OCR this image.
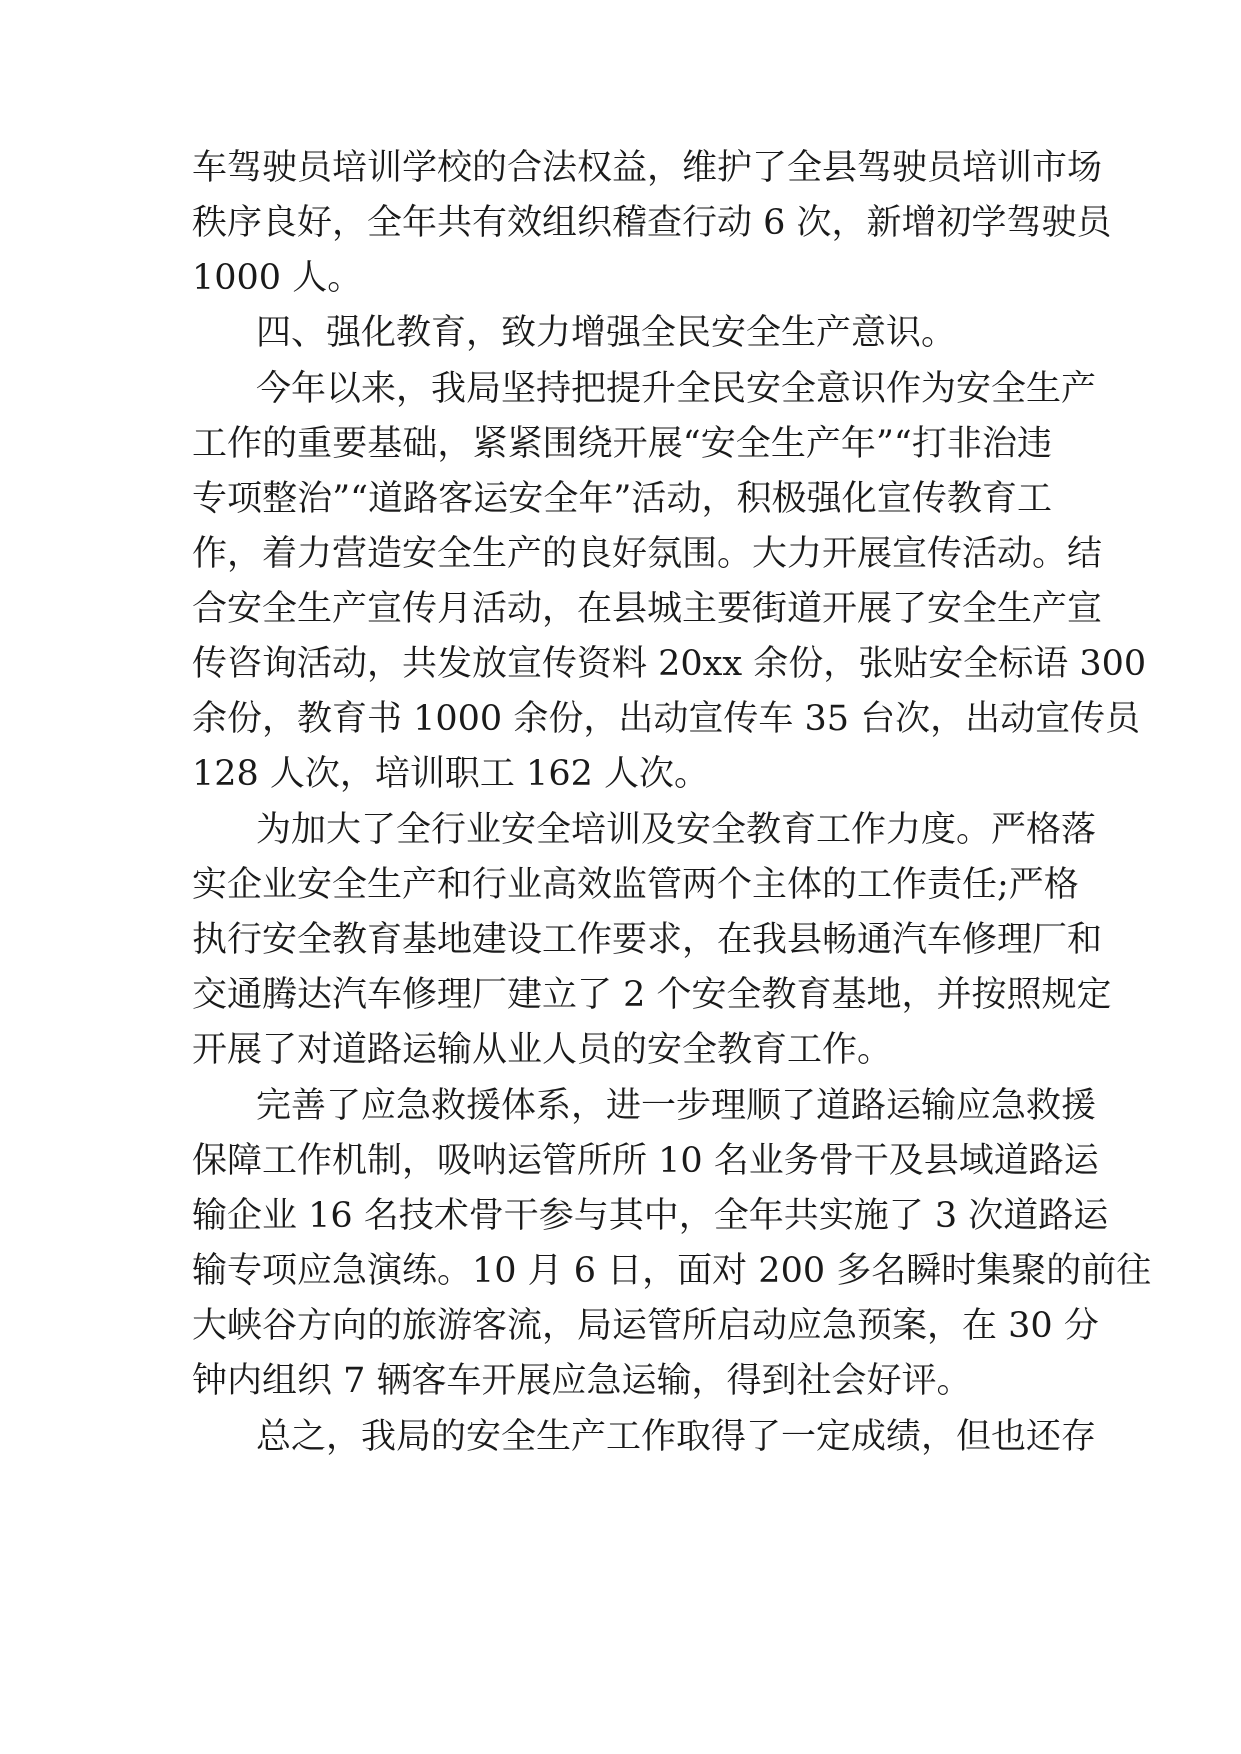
车驾驶员培训学校的合法权益，维护了全县驾驶员培训市场
秩序良好，全年共有效组织稽查行动 6 次，新增初学驾驶员
1000 人。
四、强化教育，致力增强全民安全生产意识。
今年以来，我局坚持把提升全民安全意识作为安全生产
工作的重要基础，紧紧围绕开展“安全生产年”“打非治违
专项整治”“道路客运安全年”活动，积极强化宣传教育工
作，着力营造安全生产的良好氛围。大力开展宣传活动。结
合安全生产宣传月活动，在县城主要街道开展了安全生产宣
传咨询活动，共发放宣传资料 20xx 余份，张贴安全标语 300
余份，教育书 1000 余份，出动宣传车 35 台次，出动宣传员
128 人次，培训职工 162 人次。
为加大了全行业安全培训及安全教育工作力度。严格落
实企业安全生产和行业高效监管两个主体的工作责任;严格
执行安全教育基地建设工作要求，在我县畅通汽车修理厂和
交通腾达汽车修理厂建立了 2 个安全教育基地，并按照规定
开展了对道路运输从业人员的安全教育工作。
完善了应急救援体系，进一步理顺了道路运输应急救援
保障工作机制，吸呐运管所所 10 名业务骨干及县域道路运
输企业 16 名技术骨干参与其中，全年共实施了 3 次道路运
输专项应急演练。10 月 6 日，面对 200 多名瞬时集聚的前往
大峡谷方向的旅游客流，局运管所启动应急预案，在 30 分
钟内组织 7 辆客车开展应急运输，得到社会好评。
总之，我局的安全生产工作取得了一定成绩，但也还存
